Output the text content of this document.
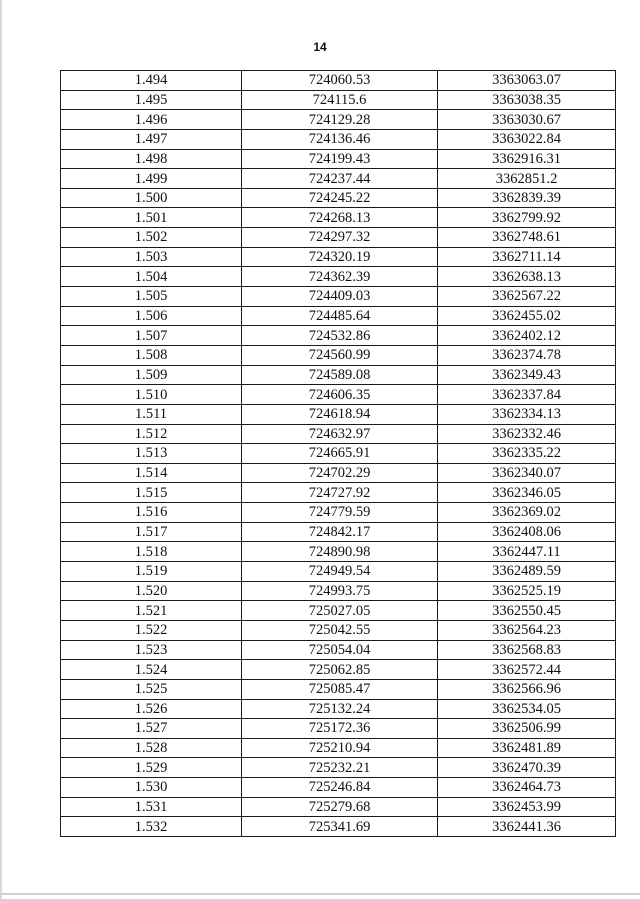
14
1.494	724060.53	3363063.07
1.495	724115.6	3363038.35
1.496	724129.28	3363030.67
1.497	724136.46	3363022.84
1.498	724199.43	3362916.31
1.499	724237.44	3362851.2
1.500	724245.22	3362839.39
1.501	724268.13	3362799.92
1.502	724297.32	3362748.61
1.503	724320.19	3362711.14
1.504	724362.39	3362638.13
1.505	724409.03	3362567.22
1.506	724485.64	3362455.02
1.507	724532.86	3362402.12
1.508	724560.99	3362374.78
1.509	724589.08	3362349.43
1.510	724606.35	3362337.84
1.511	724618.94	3362334.13
1.512	724632.97	3362332.46
1.513	724665.91	3362335.22
1.514	724702.29	3362340.07
1.515	724727.92	3362346.05
1.516	724779.59	3362369.02
1.517	724842.17	3362408.06
1.518	724890.98	3362447.11
1.519	724949.54	3362489.59
1.520	724993.75	3362525.19
1.521	725027.05	3362550.45
1.522	725042.55	3362564.23
1.523	725054.04	3362568.83
1.524	725062.85	3362572.44
1.525	725085.47	3362566.96
1.526	725132.24	3362534.05
1.527	725172.36	3362506.99
1.528	725210.94	3362481.89
1.529	725232.21	3362470.39
1.530	725246.84	3362464.73
1.531	725279.68	3362453.99
1.532	725341.69	3362441.36
